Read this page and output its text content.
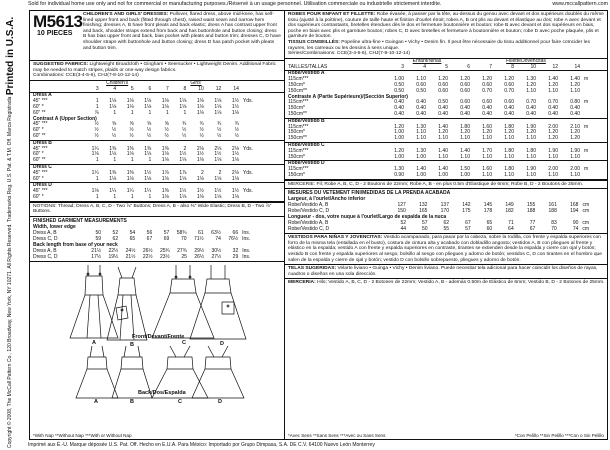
Sold for individual home use only and not for commercial or manufacturing purposes./Réservé à un usage personnel. Utilisation commerciale ou industrielle strictement interdite.	www.mccallpattern.com
Copyright © 2008, The McCall Pattern Co., 120 Broadway, New York, NY 10271. All Rights Reserved. Trademarks Reg. U.S. Pat. & T.M. Off. Marca Registrada Printed in U.S.A. M5613
10 PIECES
CHILDREN'S AND GIRLS' DRESSES: Pullover, flared dress, above mid-knee, has self-lined upper front and back (fitted through chest), raised waist seam and narrow hem finishing; dresses A, B have front pleats and back elastic; dress A has contrast upper front and back, shoulder straps extend from back and has buttonhole and button closing; dress B has bias upper front and back, bias pocket with pleats and button trim; dresses C, D have shoulder straps with buttonhole and button closing; dress D has patch pocket with pleats and button trim.
SUGGESTED FABRICS: Lightweight Broadcloth • Gingham • Seersucker • Lightweight Denim. Additional Fabric may be needed to match stripes, plaids or one-way design fabrics.
Combinations: CCE(3-4-5-6), CHJ(7-8-10-12-14)
	Children's				Girls'					
	3	4	5	6	7	8	10	12	14	
Dress A										
45" ***	1	1⅛	1⅛	1⅛	1⅛	1⅛	1⅛	1⅛	1½	Yds.
60" *	1	1⅛	1⅛	1⅛	1⅛	1⅛	1⅛	1⅛	1½	
60" **	⅞	1	1	1	1	1	1⅛	1⅛	1⅛	
Contrast A (Upper Section)										
45" ***	½	⅝	⅝	⅝	⅝	¾	¾	¾	¾	
60" *	½	½	½	½	½	½	½	½	½	
60" **	½	½	½	½	½	½	½	½	½	
Dress B										
45" ***	1¼	1⅜	1⅜	1⅜	1⅜	2	2⅛	2⅛	2⅛	Yds.
60" *	1⅛	1⅛	1⅛	1⅛	1⅛	1½	1½	1½	1½	
60" **	1	1	1	1	1⅛	1⅛	1⅛	1⅛	1⅛	
Dress C										
45" ***	1¼	1⅜	1⅜	1½	1⅞	1⅞	2	2	2⅛	Yds.
60" *	1	1⅛	1⅛	1⅛	1⅛	1⅛	1⅛	1⅛	1⅛	
Dress D										
45" ***	1⅛	1¼	1¼	1¼	1⅜	1½	1½	1½	1½	Yds.
60" *	1	1	1	1	1⅛	1⅛	1⅛	1⅛	1⅛	
NOTIONS: Thread; Dress A, B, C, D - Two ⅞" Buttons; Dress A, B - also ⅜" Wide Elastic; Dress B, D - Two ⅞" Buttons.
FINISHED GARMENT MEASUREMENTS
Width, lower edge
Dress A, B	50	52	54	56	57	58¾	61	63½	66	Ins.
Dress C, D	59	62	65	67	69	70	71½	74	76½	Ins.
Back length from base of your neck
Dress A, B	21½	22½	24½	26½	25¾	27¾	29½	30½	32	Ins.
Dress C, D	17½	19½	21½	22½	23½	25	26½	27½	29	Ins.
A	B	C	D
Front/Devant/Frente
A	B	C	D
Back/Dos/Espalda
*With Nap **Without Nap ***With or Without Nap
ROBES POUR ENFANT ET FILLETTE: Robe évasée, à passer par la tête, au-dessus du genou avec devant et dos supérieurs doublés du même tissu (ajusté à la poitrine), couture de taille haute et finition d'ourlet étroit; robes A, B ont plis au devant et élastique au dos; robe A avec devant et dos supérieurs contrastants, bretelles étendues dès le dos et fermeture boutonnière et bouton; robe B avec devant et dos supérieurs en biais, poche en biais avec plis et garniture bouton; robes C, D avec bretelles et fermeture à boutonnière et bouton; robe D avec poche plaquée, plis et garniture de bouton.
TISSUS CONSEILLÉS: Popeline ultra-fine • Guingan • Vichy • Denim fin. Il peut être nécessaire du tissu additionnel pour faire coïncider les rayures, les carreaux ou les dessins à sens unique.
Séries/Combinaisons: CCE(3-4-5-6), CHJ(7-8-10-12-14)
	Enfant/Niñas				Fillette/Jovencitas					
TAILLES/TALLAS	3	4	5	6	7	8	10	12	14	
Robe/Vestido A										
115cm***	1.00	1.10	1.20	1.20	1.20	1.20	1.30	1.40	1.40	m
150cm*	0.50	0.60	0.60	0.60	0.60	0.60	1.20	1.20	1.20	
150cm**	0.50	0.50	0.60	0.60	0.70	0.70	1.10	1.10	1.10	
Contraste A (Partie Supérieure)/(Sección Superior)										
115cm***	0.40	0.40	0.50	0.60	0.60	0.60	0.70	0.70	0.80	m
150cm*	0.40	0.40	0.40	0.40	0.40	0.40	0.40	0.40	0.40	
150cm**	0.40	0.40	0.40	0.40	0.40	0.40	0.40	0.40	0.40	
Robe/Vestido B										
115cm***	1.20	1.30	1.40	1.80	1.60	1.80	1.90	2.00	2.10	m
150cm*	1.00	1.10	1.20	1.20	1.20	1.20	1.20	1.20	1.20	
150cm**	1.00	1.10	1.10	1.10	1.10	1.10	1.10	1.20	1.20	
Robe/Vestido C										
115cm***	1.20	1.30	1.40	1.40	1.70	1.80	1.80	1.90	1.90	m
150cm*	1.00	1.00	1.10	1.10	1.10	1.10	1.10	1.10	1.10	
Robe/Vestido D										
115cm***	1.30	1.40	1.40	1.50	1.60	1.80	1.90	2.00	2.00	m
150cm*	0.90	1.00	1.00	1.00	1.10	1.10	1.10	1.10	1.10	
MERCERIE: Fil; Robe A, B, C, D - 2 Boutons de 22mm; Robe A, B - en plus 0.5m d'Élastique de 6mm; Robe B, D - 2 Boutons de 25mm.
MESURES DU VETEMENT FINI/MEDIDAS DE LA PRENDA ACABADA
Largeur, à l'ourlet/Ancho inferior
Robe/Vestido A, B	127	132	137	142	145	149	155	161	168	cm
Robe/Vestido C, D	150	165	170	175	178	182	188	188	194	cm
Longueur - dos, votre nuque à l'ourlet/Largo de espalda de la nuca
Robe/Vestido A, B	52	57	62	67	65	71	77	83	90	cm
Robe/Vestido C, D	44	50	55	57	60	64	67	70	74	cm
VESTIDOS PARA NIÑAS Y JOVENCITAS: Vestido acampanado, para pasar por la cabeza, sobre la rodilla, con frente y espalda superiores con forro de la misma tela (entallada en el busto), costura de cintura alta y acabado con dobladillo angosto; vestidos A, B con pliegues al frente y elástico en la espalda; vestido A con frente y espalda superiores en contraste, tirantes se extienden desde la espalda y cierre con ojal y botón; vestido B con frente y espalda superiores al sesgo, bolsillo al sesgo con pliegues y adorno de botón; vestidos C, D con tirantes en el hombro que salen de la espalda y cierre de ojal y botón; vestido D con bolsillo sobrepuesto, pliegues y adorno de botón.
TELAS SUGERIDAS: Velarte liviano • Guinga • Vichy • Denim liviano. Puede necesitar tela adicional para hacer coincidir los diseños de rayas, cuadros o diseños en una sola dirección.
MERCERIA: Hilo; Vestido A, B, C, D - 2 Botones de 22mm; Vestido A, B - además 0.50m de Elástico de 6mm; Vestido B, D - 2 Botones de 25mm.
*Avec Sens **Sans Sens ***Avec ou Sans Sens	*Con Pelillo **Sin Pelillo ***Con o Sin Pelillo
Imprimé aux É.-U. Marque déposée U.S. Pat. Off. Hecho en E.U.A. Para México: Importado por Grupo Dimpasa, S.A. DE C.V. 64100 Nuevo León Monterrey
